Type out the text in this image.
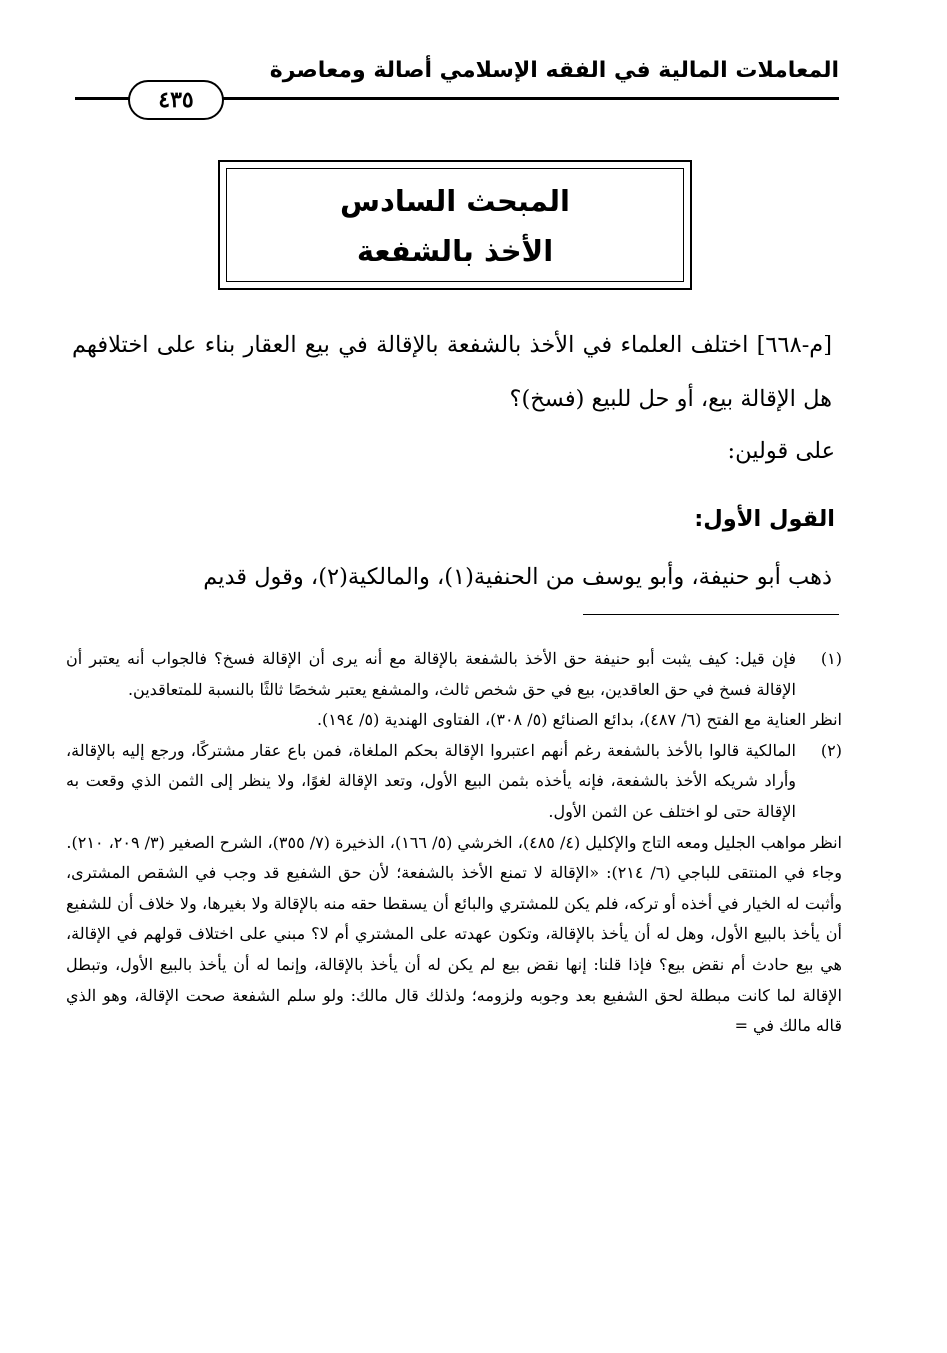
المعاملات المالية في الفقه الإسلامي أصالة ومعاصرة
٤٣٥
المبحث السادس
الأخذ بالشفعة
[م-٦٦٨] اختلف العلماء في الأخذ بالشفعة بالإقالة في بيع العقار بناء على اختلافهم هل الإقالة بيع، أو حل للبيع (فسخ)؟
على قولين:
القول الأول:
ذهب أبو حنيفة، وأبو يوسف من الحنفية(١)، والمالكية(٢)، وقول قديم
(١)

فإن قيل: كيف يثبت أبو حنيفة حق الأخذ بالشفعة بالإقالة مع أنه يرى أن الإقالة فسخ؟ فالجواب أنه يعتبر أن الإقالة فسخ في حق العاقدين، بيع في حق شخص ثالث، والمشفع يعتبر شخصًا ثالثًا بالنسبة للمتعاقدين.

انظر العناية مع الفتح (٦/ ٤٨٧)، بدائع الصنائع (٥/ ٣٠٨)، الفتاوى الهندية (٥/ ١٩٤).

(٢)

المالكية قالوا بالأخذ بالشفعة رغم أنهم اعتبروا الإقالة بحكم الملغاة، فمن باع عقار مشتركًا، ورجع إليه بالإقالة، وأراد شريكه الأخذ بالشفعة، فإنه يأخذه بثمن البيع الأول، وتعد الإقالة لغوًا، ولا ينظر إلى الثمن الذي وقعت به الإقالة حتى لو اختلف عن الثمن الأول.

انظر مواهب الجليل ومعه التاج والإكليل (٤/ ٤٨٥)، الخرشي (٥/ ١٦٦)، الذخيرة (٧/ ٣٥٥)، الشرح الصغير (٣/ ٢٠٩، ٢١٠).

وجاء في المنتقى للباجي (٦/ ٢١٤): «الإقالة لا تمنع الأخذ بالشفعة؛ لأن حق الشفيع قد وجب في الشقص المشترى، وأثبت له الخيار في أخذه أو تركه، فلم يكن للمشتري والبائع أن يسقطا حقه منه بالإقالة ولا بغيرها، ولا خلاف أن للشفيع أن يأخذ بالبيع الأول، وهل له أن يأخذ بالإقالة، وتكون عهدته على المشتري أم لا؟ مبني على اختلاف قولهم في الإقالة، هي بيع حادث أم نقض بيع؟ فإذا قلنا: إنها نقض بيع لم يكن له أن يأخذ بالإقالة، وإنما له أن يأخذ بالبيع الأول، وتبطل الإقالة لما كانت مبطلة لحق الشفيع بعد وجوبه ولزومه؛ ولذلك قال مالك: ولو سلم الشفعة صحت الإقالة، وهو الذي قاله مالك في =
